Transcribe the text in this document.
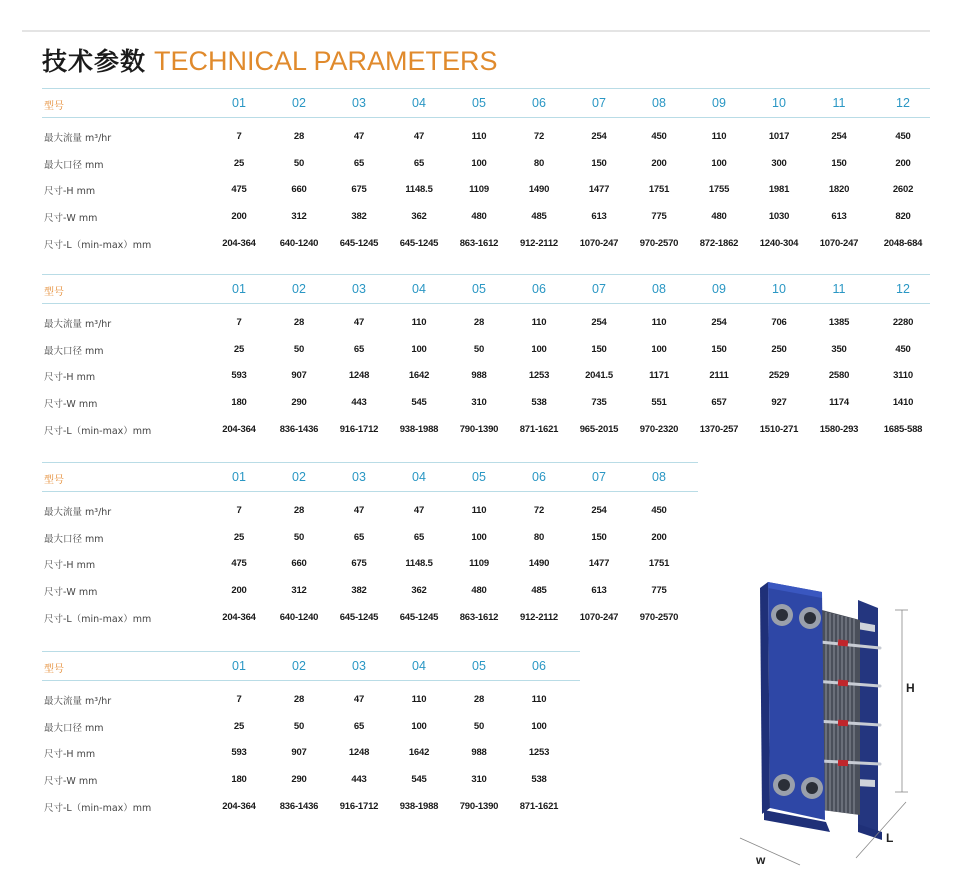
技术参数 TECHNICAL PARAMETERS
型号	01	02	03	04	05	06	07	08	09	10	11	12
最大流量 m³/hr	7	28	47	47	110	72	254	450	110	1017	254	450
最大口径 mm	25	50	65	65	100	80	150	200	100	300	150	200
尺寸-H mm	475	660	675	1148.5	1109	1490	1477	1751	1755	1981	1820	2602
尺寸-W mm	200	312	382	362	480	485	613	775	480	1030	613	820
尺寸-L（min-max）mm	204-364	640-1240	645-1245	645-1245	863-1612	912-2112	1070-247	970-2570	872-1862	1240-304	1070-247	2048-684
型号	01	02	03	04	05	06	07	08	09	10	11	12
最大流量 m³/hr	7	28	47	110	28	110	254	110	254	706	1385	2280
最大口径 mm	25	50	65	100	50	100	150	100	150	250	350	450
尺寸-H mm	593	907	1248	1642	988	1253	2041.5	1171	2111	2529	2580	3110
尺寸-W mm	180	290	443	545	310	538	735	551	657	927	1174	1410
尺寸-L（min-max）mm	204-364	836-1436	916-1712	938-1988	790-1390	871-1621	965-2015	970-2320	1370-257	1510-271	1580-293	1685-588
型号	01	02	03	04	05	06	07	08
最大流量 m³/hr	7	28	47	47	110	72	254	450
最大口径 mm	25	50	65	65	100	80	150	200
尺寸-H mm	475	660	675	1148.5	1109	1490	1477	1751
尺寸-W mm	200	312	382	362	480	485	613	775
尺寸-L（min-max）mm	204-364	640-1240	645-1245	645-1245	863-1612	912-2112	1070-247	970-2570
型号	01	02	03	04	05	06
最大流量 m³/hr	7	28	47	110	28	110
最大口径 mm	25	50	65	100	50	100
尺寸-H mm	593	907	1248	1642	988	1253
尺寸-W mm	180	290	443	545	310	538
尺寸-L（min-max）mm	204-364	836-1436	916-1712	938-1988	790-1390	871-1621
H
L
w
